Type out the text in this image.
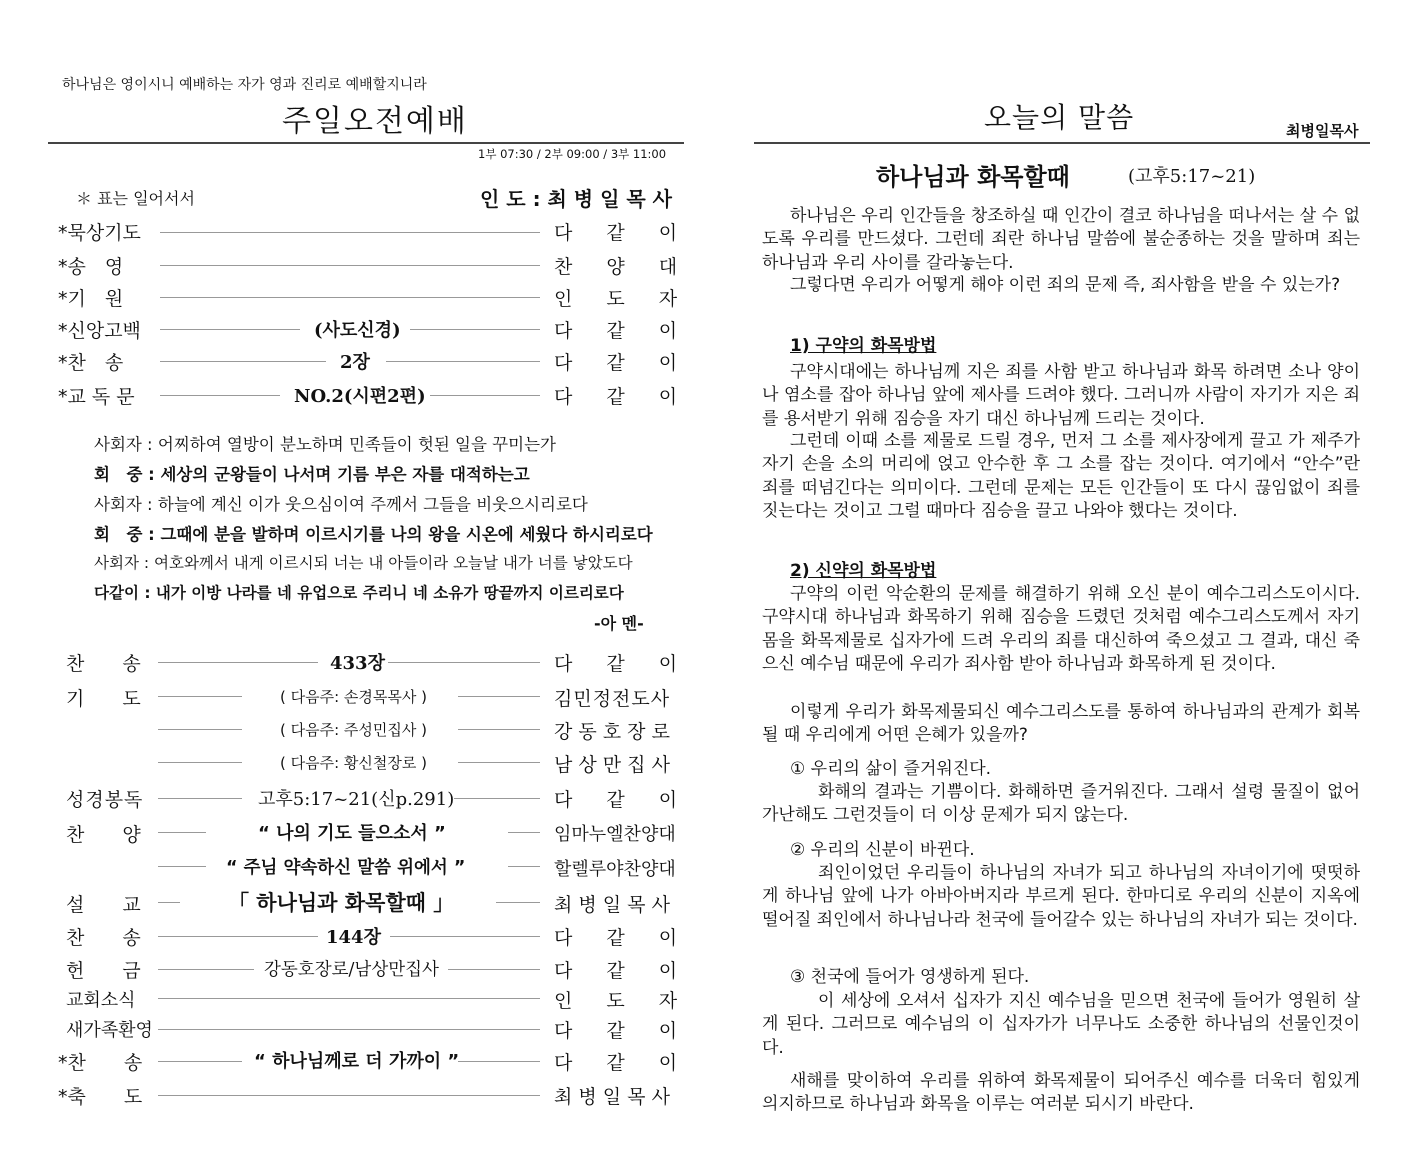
하나님은 영이시니 예배하는 자가 영과 진리로 예배할지니라
주일오전예배
1부 07:30 / 2부 09:00 / 3부 11:00
＊ 표는 일어서서	인 도 : 최 병 일 목 사
*묵상기도	다 같 이
*송　영	찬 양 대
*기　원	인 도 자
*신앙고백	(사도신경)	다 같 이
*찬　송	2장	다 같 이
*교 독 문	NO.2(시편2편)	다 같 이
사회자 : 어찌하여 열방이 분노하며 민족들이 헛된 일을 꾸미는가
회　중 : 세상의 군왕들이 나서며 기름 부은 자를 대적하는고
사회자 : 하늘에 계신 이가 웃으심이여 주께서 그들을 비웃으시리로다
회　중 : 그때에 분을 발하며 이르시기를 나의 왕을 시온에 세웠다 하시리로다
사회자 : 여호와께서 내게 이르시되 너는 내 아들이라 오늘날 내가 너를 낳았도다
다같이 : 내가 이방 나라를 네 유업으로 주리니 네 소유가 땅끝까지 이르리로다
-아 멘-
찬　　송	433장	다 같 이
기　　도	( 다음주: 손경목목사 )	김민정전도사
( 다음주: 주성민집사 )	강 동 호 장 로
( 다음주: 황신철장로 )	남 상 만 집 사
성경봉독	고후5:17~21(신p.291)	다 같 이
찬　　양	“ 나의 기도 들으소서 ”	임마누엘찬양대
“ 주님 약속하신 말씀 위에서 ”	할렐루야찬양대
설　　교	「 하나님과 화목할때 」	최 병 일 목 사
찬　　송	144장	다 같 이
헌　　금	강동호장로/남상만집사	다 같 이
교회소식	인 도 자
새가족환영	다 같 이
*찬　　송	“ 하나님께로 더 가까이 ”	다 같 이
*축　　도	최 병 일 목 사
오늘의 말씀	최병일목사
하나님과 화목할때	(고후5:17~21)

하나님은 우리 인간들을 창조하실 때 인간이 결코 하나님을 떠나서는 살 수 없도록 우리를 만드셨다. 그런데 죄란 하나님 말씀에 불순종하는 것을 말하며 죄는 하나님과 우리 사이를 갈라놓는다.

그렇다면 우리가 어떻게 해야 이런 죄의 문제 즉, 죄사함을 받을 수 있는가?

1) 구약의 화목방법

구약시대에는 하나님께 지은 죄를 사함 받고 하나님과 화목 하려면 소나 양이나 염소를 잡아 하나님 앞에 제사를 드려야 했다. 그러니까 사람이 자기가 지은 죄를 용서받기 위해 짐승을 자기 대신 하나님께 드리는 것이다.

그런데 이때 소를 제물로 드릴 경우, 먼저 그 소를 제사장에게 끌고 가 제주가 자기 손을 소의 머리에 얹고 안수한 후 그 소를 잡는 것이다. 여기에서 “안수”란 죄를 떠넘긴다는 의미이다. 그런데 문제는 모든 인간들이 또 다시 끊임없이 죄를 짓는다는 것이고 그럴 때마다 짐승을 끌고 나와야 했다는 것이다.

2) 신약의 화목방법

구약의 이런 악순환의 문제를 해결하기 위해 오신 분이 예수그리스도이시다. 구약시대 하나님과 화목하기 위해 짐승을 드렸던 것처럼 예수그리스도께서 자기 몸을 화목제물로 십자가에 드려 우리의 죄를 대신하여 죽으셨고 그 결과, 대신 죽으신 예수님 때문에 우리가 죄사함 받아 하나님과 화목하게 된 것이다.

이렇게 우리가 화목제물되신 예수그리스도를 통하여 하나님과의 관계가 회복될 때 우리에게 어떤 은혜가 있을까?

① 우리의 삶이 즐거워진다.

화해의 결과는 기쁨이다. 화해하면 즐거워진다. 그래서 설령 물질이 없어 가난해도 그런것들이 더 이상 문제가 되지 않는다.

② 우리의 신분이 바뀐다.

죄인이었던 우리들이 하나님의 자녀가 되고 하나님의 자녀이기에 떳떳하게 하나님 앞에 나가 아바아버지라 부르게 된다. 한마디로 우리의 신분이 지옥에 떨어질 죄인에서 하나님나라 천국에 들어갈수 있는 하나님의 자녀가 되는 것이다.

③ 천국에 들어가 영생하게 된다.

이 세상에 오셔서 십자가 지신 예수님을 믿으면 천국에 들어가 영원히 살게 된다. 그러므로 예수님의 이 십자가가 너무나도 소중한 하나님의 선물인것이다.

새해를 맞이하여 우리를 위하여 화목제물이 되어주신 예수를 더욱더 힘있게 의지하므로 하나님과 화목을 이루는 여러분 되시기 바란다.
